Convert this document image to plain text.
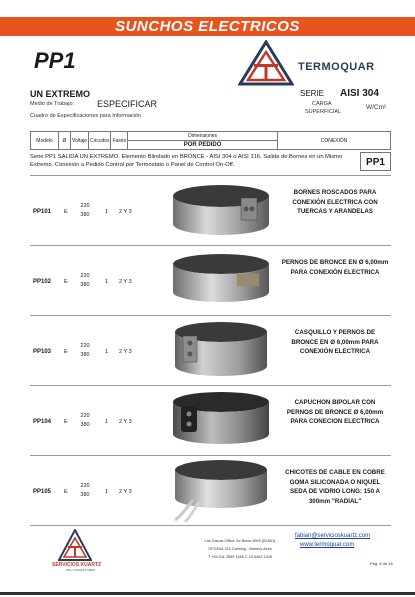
SUNCHOS ELECTRICOS
PP1	TERMOQUAR
UN EXTREMO	SERIE AISI 304
Medio de Trabajo:	ESPECIFICAR
Cuadro de Especificaciones para Información
CARGA
SUPERFICIAL
W/Cm²
Modelo	Ø	Voltaje	Circuitos	Fases	Dimensiones	CONEXIÓN
POR PEDIDO
Serie PP1 SALIDA UN EXTREMO. Elemento Blindado en BRONCE - AISI 304 o AISI 316. Salida de Bornes en un Mismo Extremo. Conexión a Pedido Control por Termostato o Panel de Control On-Off.	PP1
PP101 E
220
380	1 2 Y 3
BORNES ROSCADOS PARA CONEXIÓN ELECTRICA CON TUERCAS Y ARANDELAS
PP102 E
220
380	1 2 Y 3
PERNOS DE BRONCE EN Ø 6,00mm PARA CONEXIÓN ELECTRICA
PP103 E
220
380	1 2 Y 3
CASQUILLO Y PERNOS DE BRONCE EN Ø 6,00mm PARA CONEXIÓN ELECTRICA
PP104 E
220
380	1 2 Y 3
CAPUCHON BIPOLAR CON PERNOS DE BRONCE Ø 6,00mm PARA CONECION ELECTRICA
PP105 E
220
380	1 2 Y 3
CHICOTES DE CABLE EN COBRE GOMA SILICONADA O NIQUEL SEDA DE VIDRIO LONG: 150 A 300mm "RADIAL"
SERVICIOS KUARTZ
SRL CONSULTORES
Las Toscas Office: Av Bione 8909 (B1801)
OFICINA 310 Canning - Buenos Aires
T +54 011 2659 1456 C 15 5462 1349
fabian@servicioskuartz.com
www.termoquar.com
Pag. 4 de 15
